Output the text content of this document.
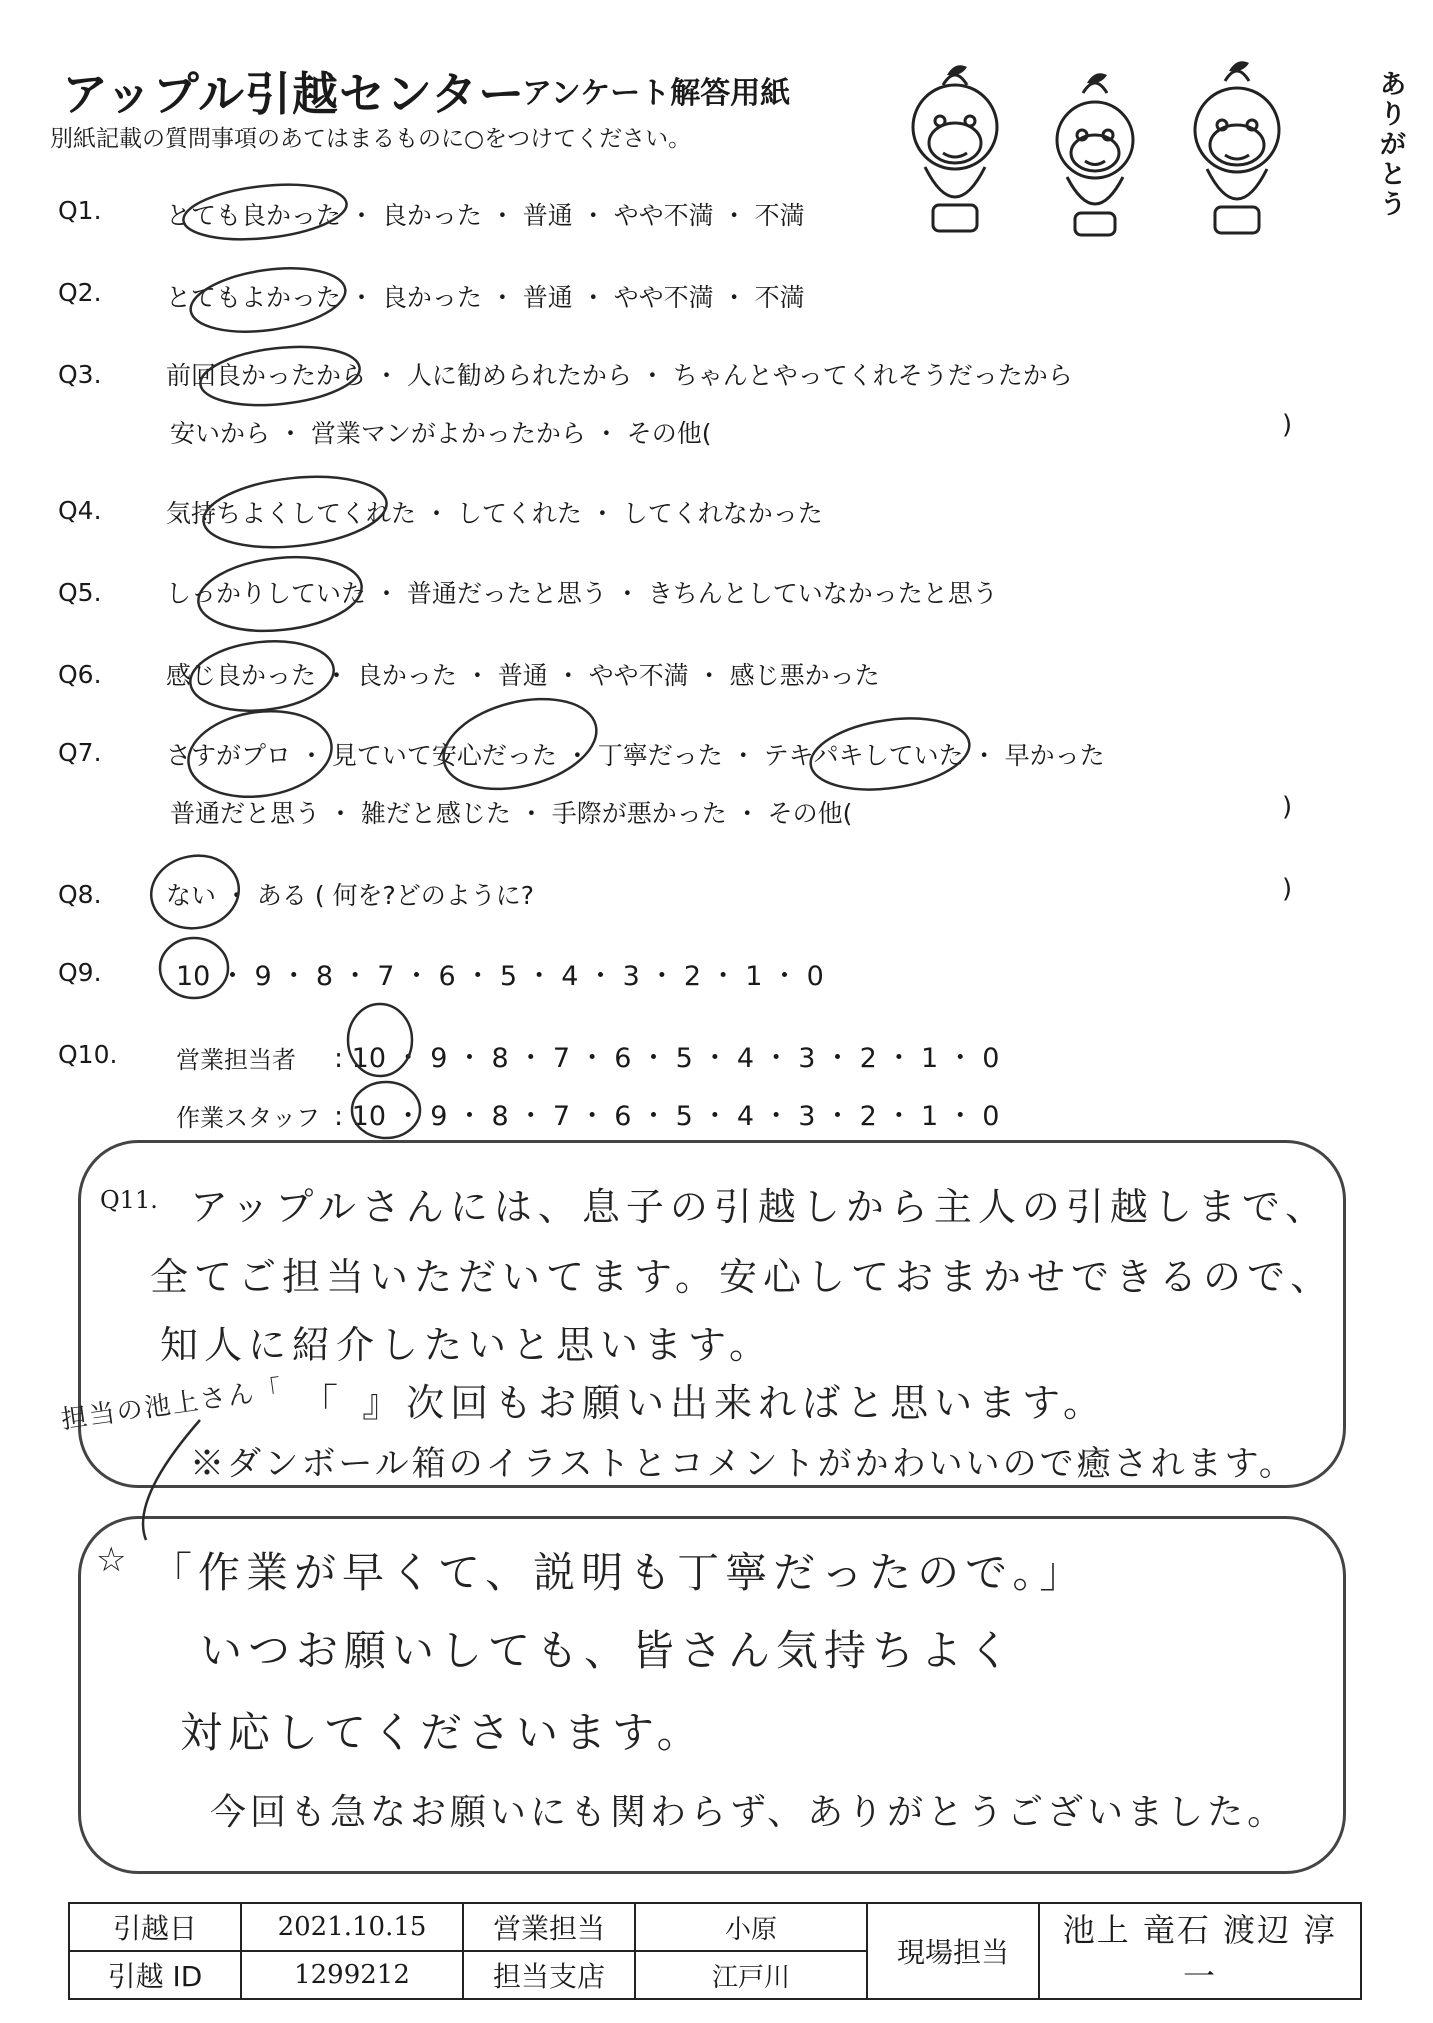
アップル引越センター
アンケート解答用紙
別紙記載の質問事項のあてはまるものに○をつけてください。
ありがとう
Q1.	とても良かった ・ 良かった ・ 普通 ・ やや不満 ・ 不満
Q2.	とてもよかった ・ 良かった ・ 普通 ・ やや不満 ・ 不満
Q3.	前回良かったから ・ 人に勧められたから ・ ちゃんとやってくれそうだったから
安いから ・ 営業マンがよかったから ・ その他(	)
Q4.	気持ちよくしてくれた ・ してくれた ・ してくれなかった
Q5.	しっかりしていた ・ 普通だったと思う ・ きちんとしていなかったと思う
Q6.	感じ良かった ・ 良かった ・ 普通 ・ やや不満 ・ 感じ悪かった
Q7.	さすがプロ ・ 見ていて安心だった ・ 丁寧だった ・ テキパキしていた ・ 早かった
普通だと思う ・ 雑だと感じた ・ 手際が悪かった ・ その他(	)
Q8.	ない ・ ある ( 何を?どのように?	)
Q9.	10 ・ 9 ・ 8 ・ 7 ・ 6 ・ 5 ・ 4 ・ 3 ・ 2 ・ 1 ・ 0
Q10. 営業担当者 : 10 ・ 9 ・ 8 ・ 7 ・ 6 ・ 5 ・ 4 ・ 3 ・ 2 ・ 1 ・ 0
作業スタッフ : 10 ・ 9 ・ 8 ・ 7 ・ 6 ・ 5 ・ 4 ・ 3 ・ 2 ・ 1 ・ 0
Q11. アップルさんには、息子の引越しから主人の引越しまで、
全てご担当いただいてます。安心しておまかせできるので、
知人に紹介したいと思います。
担当の池上さん「 「 』次回もお願い出来ればと思います。
※ダンボール箱のイラストとコメントがかわいいので癒されます。
☆ 「作業が早くて、説明も丁寧だったので。」
いつお願いしても、皆さん気持ちよく
対応してくださいます。
今回も急なお願いにも関わらず、ありがとうございました。
引越日	2021.10.15	営業担当	小原	現場担当	池上 竜石 渡辺 淳一
引越 ID	1299212	担当支店	江戸川		
